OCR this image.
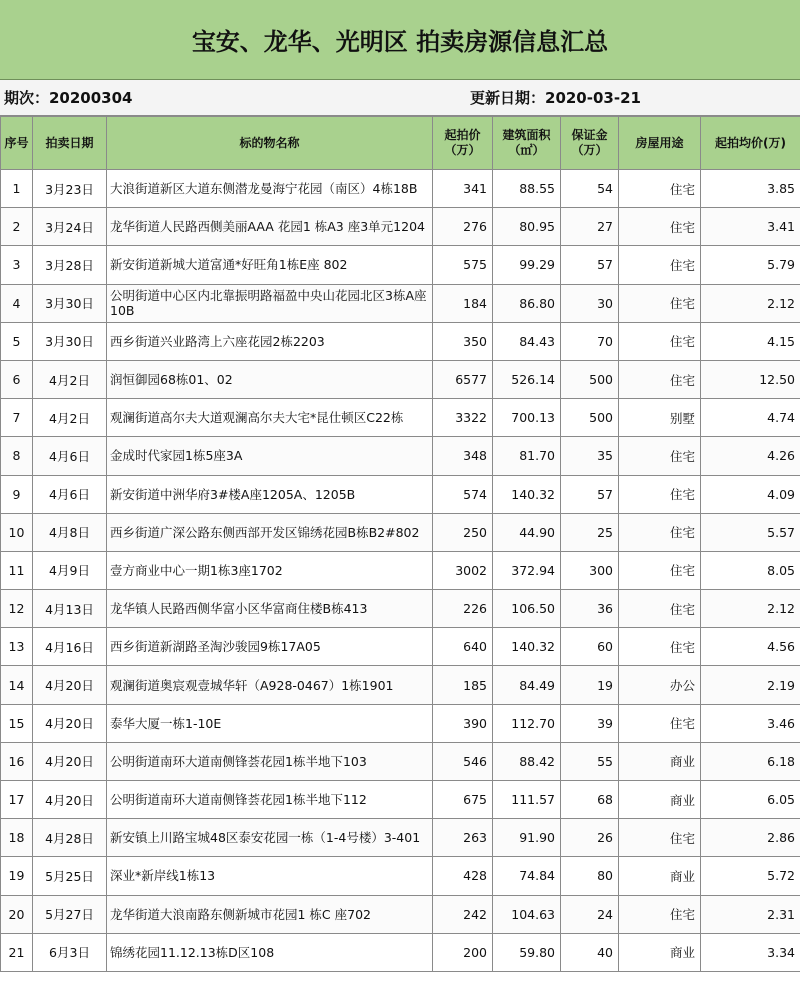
宝安、龙华、光明区 拍卖房源信息汇总
期次：20200304	更新日期：2020-03-21
序号	拍卖日期	标的物名称	起拍价（万）	建筑面积（㎡）	保证金（万）	房屋用途	起拍均价(万)
1	3月23日	大浪街道新区大道东侧潜龙曼海宁花园（南区）4栋18B	341	88.55	54	住宅	3.85
2	3月24日	龙华街道人民路西侧美丽AAA 花园1 栋A3 座3单元1204	276	80.95	27	住宅	3.41
3	3月28日	新安街道新城大道富通*好旺角1栋E座 802	575	99.29	57	住宅	5.79
4	3月30日	公明街道中心区内北靠振明路福盈中央山花园北区3栋A座10B	184	86.80	30	住宅	2.12
5	3月30日	西乡街道兴业路湾上六座花园2栋2203	350	84.43	70	住宅	4.15
6	4月2日	润恒御园68栋01、02	6577	526.14	500	住宅	12.50
7	4月2日	观澜街道高尔夫大道观澜高尔夫大宅*昆仕顿区C22栋	3322	700.13	500	别墅	4.74
8	4月6日	金成时代家园1栋5座3A	348	81.70	35	住宅	4.26
9	4月6日	新安街道中洲华府3#楼A座1205A、1205B	574	140.32	57	住宅	4.09
10	4月8日	西乡街道广深公路东侧西部开发区锦绣花园B栋B2#802	250	44.90	25	住宅	5.57
11	4月9日	壹方商业中心一期1栋3座1702	3002	372.94	300	住宅	8.05
12	4月13日	龙华镇人民路西侧华富小区华富商住楼B栋413	226	106.50	36	住宅	2.12
13	4月16日	西乡街道新湖路圣淘沙骏园9栋17A05	640	140.32	60	住宅	4.56
14	4月20日	观澜街道奥宸观壹城华轩（A928-0467）1栋1901	185	84.49	19	办公	2.19
15	4月20日	泰华大厦一栋1-10E	390	112.70	39	住宅	3.46
16	4月20日	公明街道南环大道南侧锋荟花园1栋半地下103	546	88.42	55	商业	6.18
17	4月20日	公明街道南环大道南侧锋荟花园1栋半地下112	675	111.57	68	商业	6.05
18	4月28日	新安镇上川路宝城48区泰安花园一栋（1-4号楼）3-401	263	91.90	26	住宅	2.86
19	5月25日	深业*新岸线1栋13	428	74.84	80	商业	5.72
20	5月27日	龙华街道大浪南路东侧新城市花园1 栋C 座702	242	104.63	24	住宅	2.31
21	6月3日	锦绣花园11.12.13栋D区108	200	59.80	40	商业	3.34
